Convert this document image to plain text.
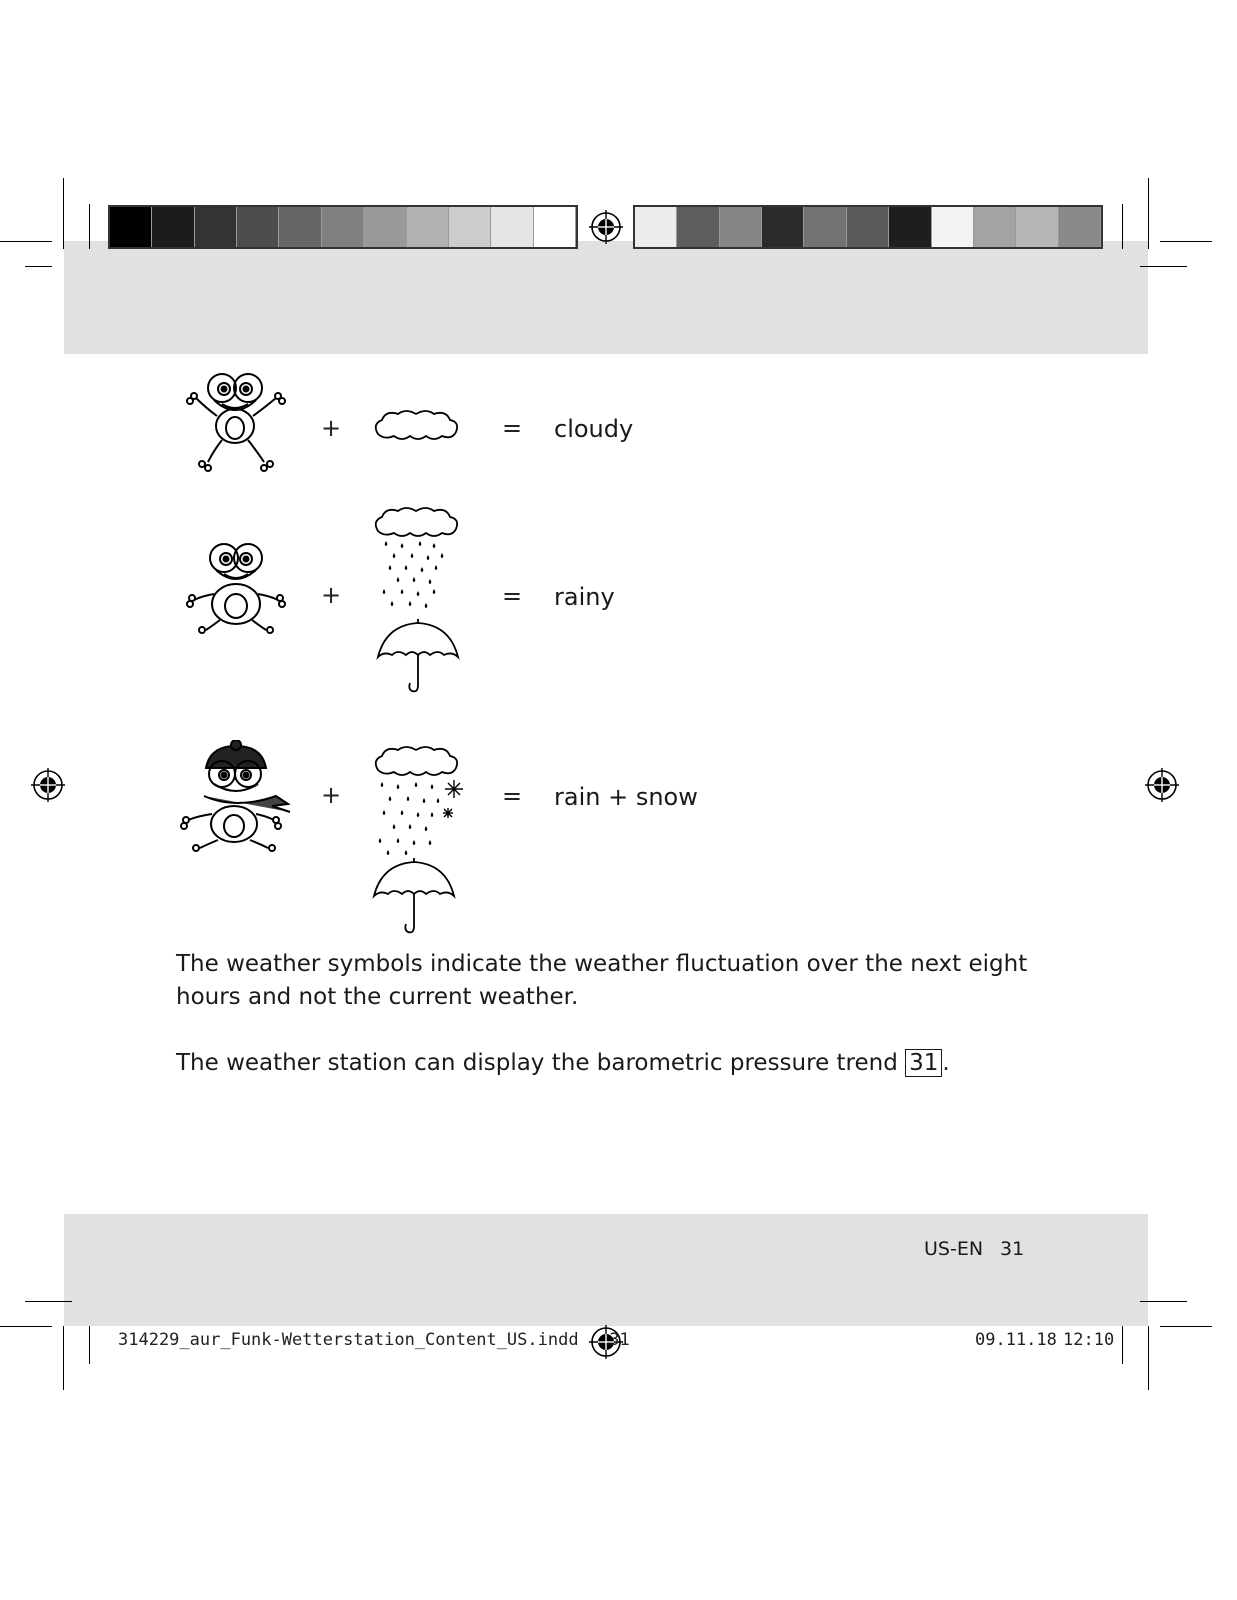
+	= cloudy
+	= rainy
+	= rain + snow
The weather symbols indicate the weather fluctuation over the next eight hours and not the current weather.
The weather station can display the barometric pressure trend 31 .
US-EN 31
314229_aur_Funk-Wetterstation_Content_US.indd   31	09.11.18 12:10
